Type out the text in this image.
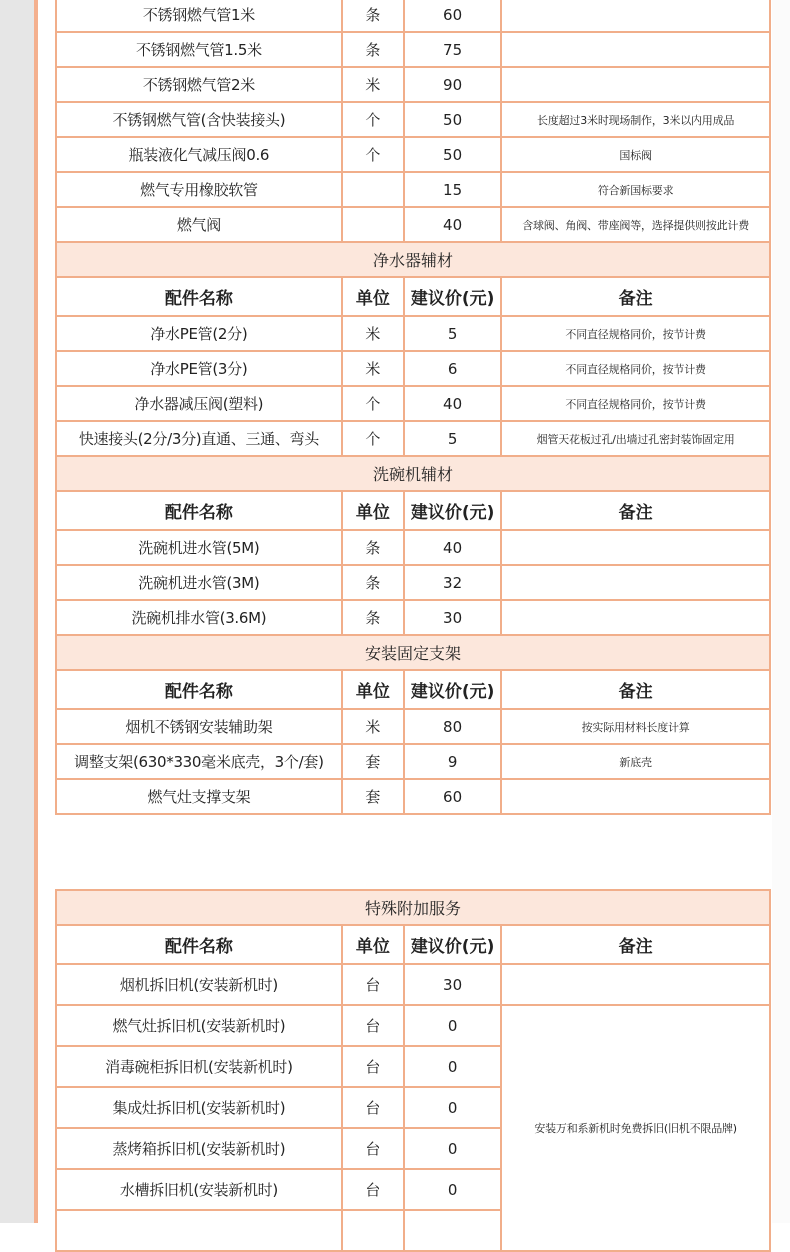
不锈钢燃气管1米	条	60	
不锈钢燃气管1.5米	条	75	
不锈钢燃气管2米	米	90	
不锈钢燃气管(含快装接头)	个	50	长度超过3米时现场制作，3米以内用成品
瓶装液化气减压阀0.6	个	50	国标阀
燃气专用橡胶软管		15	符合新国标要求
燃气阀		40	含球阀、角阀、带座阀等，选择提供则按此计费
净水器辅材			
配件名称	单位	建议价(元)	备注
净水PE管(2分)	米	5	不同直径规格同价，按节计费
净水PE管(3分)	米	6	不同直径规格同价，按节计费
净水器减压阀(塑料)	个	40	不同直径规格同价，按节计费
快速接头(2分/3分)直通、三通、弯头	个	5	烟管天花板过孔/出墙过孔密封装饰固定用
洗碗机辅材			
配件名称	单位	建议价(元)	备注
洗碗机进水管(5M)	条	40	
洗碗机进水管(3M)	条	32	
洗碗机排水管(3.6M)	条	30	
安装固定支架			
配件名称	单位	建议价(元)	备注
烟机不锈钢安装辅助架	米	80	按实际用材料长度计算
调整支架(630*330毫米底壳，3个/套)	套	9	新底壳
燃气灶支撑支架	套	60	
特殊附加服务			
配件名称	单位	建议价(元)	备注
烟机拆旧机(安装新机时)	台	30	
燃气灶拆旧机(安装新机时)	台	0	安装万和系新机时免费拆旧(旧机不限品牌)
消毒碗柜拆旧机(安装新机时)	台	0	
集成灶拆旧机(安装新机时)	台	0	
蒸烤箱拆旧机(安装新机时)	台	0	
水槽拆旧机(安装新机时)	台	0	
